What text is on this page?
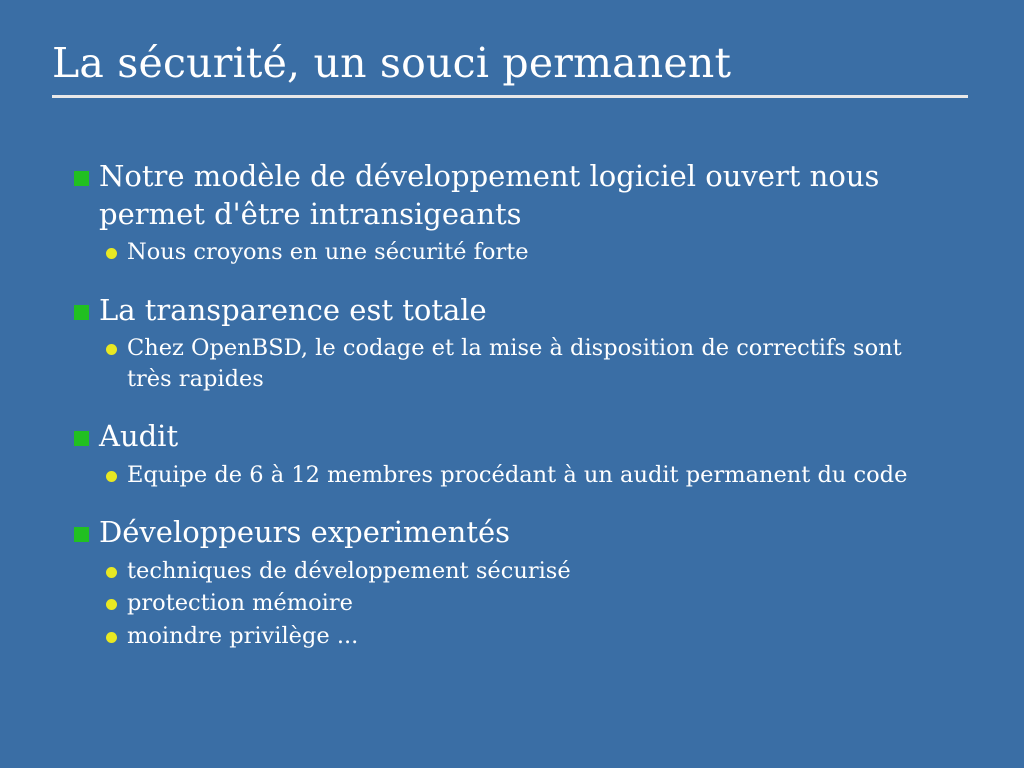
La sécurité, un souci permanent
Notre modèle de développement logiciel ouvert nous permet d'être intransigeants
Nous croyons en une sécurité forte
La transparence est totale
Chez OpenBSD, le codage et la mise à disposition de correctifs sont très rapides
Audit
Equipe de 6 à 12 membres procédant à un audit permanent du code
Développeurs experimentés
techniques de développement sécurisé
protection mémoire
moindre privilège ...
